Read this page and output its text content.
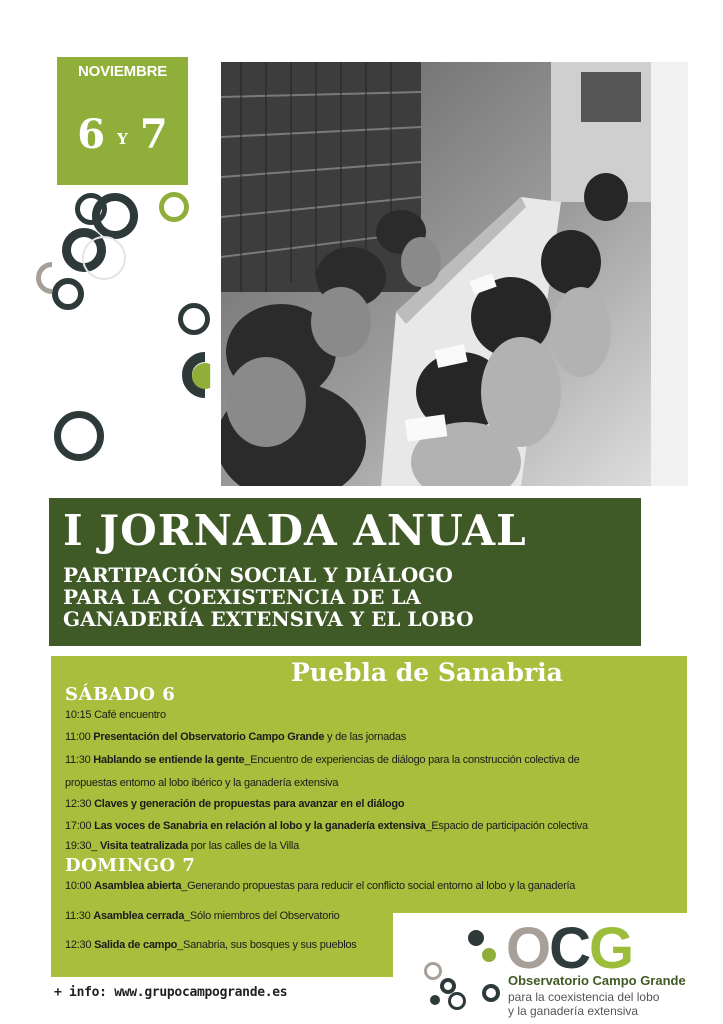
NOVIEMBRE
6 Y 7
I JORNADA ANUAL
PARTIPACIÓN SOCIAL Y DIÁLOGO
PARA LA COEXISTENCIA DE LA
GANADERÍA EXTENSIVA Y EL LOBO
Puebla de Sanabria
SÁBADO 6
10:15 Café encuentro
11:00 Presentación del Observatorio Campo Grande y de las jornadas
11:30 Hablando se entiende la gente_Encuentro de experiencias de diálogo para la construcción colectiva de
propuestas entorno al lobo ibérico y la ganadería extensiva
12:30 Claves y generación de propuestas para avanzar en el diálogo
17:00 Las voces de Sanabria en relación al lobo y la ganadería extensiva_Espacio de participación colectiva
19:30_ Visita teatralizada por las calles de la Villa
DOMINGO 7
10:00 Asamblea abierta_Generando propuestas para reducir el conflicto social entorno al lobo y la ganadería
11:30 Asamblea cerrada_Sólo miembros del Observatorio
12:30 Salida de campo_Sanabria, sus bosques y sus pueblos
+ info: www.grupocampogrande.es
OCG
Observatorio Campo Grande
para la coexistencia del lobo
y la ganadería extensiva
